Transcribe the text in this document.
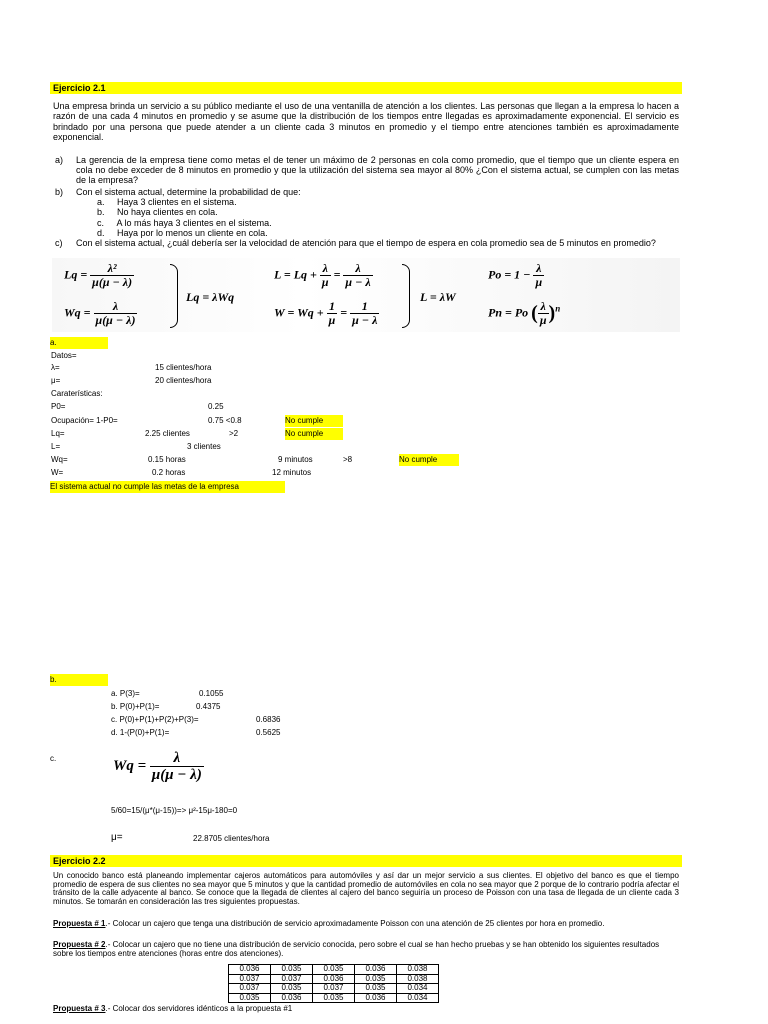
Ejercicio 2.1
Una empresa brinda un servicio a su público mediante el uso de una ventanilla de atención a los clientes. Las personas que llegan a la empresa lo hacen a razón de una cada 4 minutos en promedio y se asume que la distribución de los tiempos entre llegadas es aproximadamente exponencial. El servicio es brindado por una persona que puede atender a un cliente cada 3 minutos en promedio y el tiempo entre atenciones también es aproximadamente exponencial.
a) La gerencia de la empresa tiene como metas el de tener un máximo de 2 personas en cola como promedio, que el tiempo que un cliente espera en cola no debe exceder de 8 minutos en promedio y que la utilización del sistema sea mayor al 80% ¿Con el sistema actual, se cumplen con las metas de la empresa?
b) Con el sistema actual, determine la probabilidad de que:
a.     Haya 3 clientes en el sistema.
b.     No haya clientes en cola.
c.     A lo más haya 3 clientes en el sistema.
d.     Haya por lo menos un cliente en cola.
c) Con el sistema actual, ¿cuál debería ser la velocidad de atención para que el tiempo de espera en cola promedio sea de 5 minutos en promedio?
$Lq = \frac{\text{λ²}}{\mu(\mu - \lambda)}$
$Wq = \frac{\lambda}{\mu(\mu - \lambda)}$
Lq = λWq
$L = Lq + \frac{\lambda}{\mu} = \frac{\lambda}{\mu - \lambda}$
$W = Wq + \frac{1}{\mu} = \frac{1}{\mu - \lambda}$
L = λW
$Po = 1 - \frac{\lambda}{\mu}$
Pn = Po ( $\frac{\lambda}{\mu} )^n$
a.
Datos=
λ=	15 clientes/hora
μ=	20 clientes/hora
Caraterísticas:
P0=	0.25
Ocupación= 1-P0=	0.75 <0.8	No cumple
Lq=	2.25 clientes	>2	No cumple
L=	3 clientes
Wq=	0.15 horas	9 minutos	>8	No cumple
W=	0.2 horas	12 minutos
El sistema actual no cumple las metas de la empresa
b.
a. P(3)=	0.1055
b. P(0)+P(1)=	0.4375
c. P(0)+P(1)+P(2)+P(3)=	0.6836
d. 1-(P(0)+P(1)=	0.5625
c.	$Wq = \frac{\lambda}{\mu(\mu - \lambda)}$
5/60=15/(μ*(μ-15))=> μ²-15μ-180=0
μ=	22.8705 clientes/hora
Ejercicio 2.2
Un conocido banco está planeando implementar cajeros automáticos para automóviles y así dar un mejor servicio a sus clientes. El objetivo del banco es que el tiempo promedio de espera de sus clientes no sea mayor que 5 minutos y que la cantidad promedio de automóviles en cola no sea mayor que 2 porque de lo contrario podría afectar el tránsito de la calle adyacente al banco. Se conoce que la llegada de clientes al cajero del banco seguiría un proceso de Poisson con una tasa de llegada de un cliente cada 3 minutos. Se tomarán en consideración las tres siguientes propuestas.
Propuesta # 1.- Colocar un cajero que tenga una distribución de servicio aproximadamente Poisson con una atención de 25 clientes por hora en promedio.
Propuesta # 2.- Colocar un cajero que no tiene una distribución de servicio conocida, pero sobre el cual se han hecho pruebas y se han obtenido los siguientes resultados sobre los tiempos entre atenciones (horas entre dos atenciones).
0.036	0.035	0.035	0.036	0.038
0.037	0.037	0.036	0.035	0.038
0.037	0.035	0.037	0.035	0.034
0.035	0.036	0.035	0.036	0.034
Propuesta # 3.- Colocar dos servidores idénticos a la propuesta #1
